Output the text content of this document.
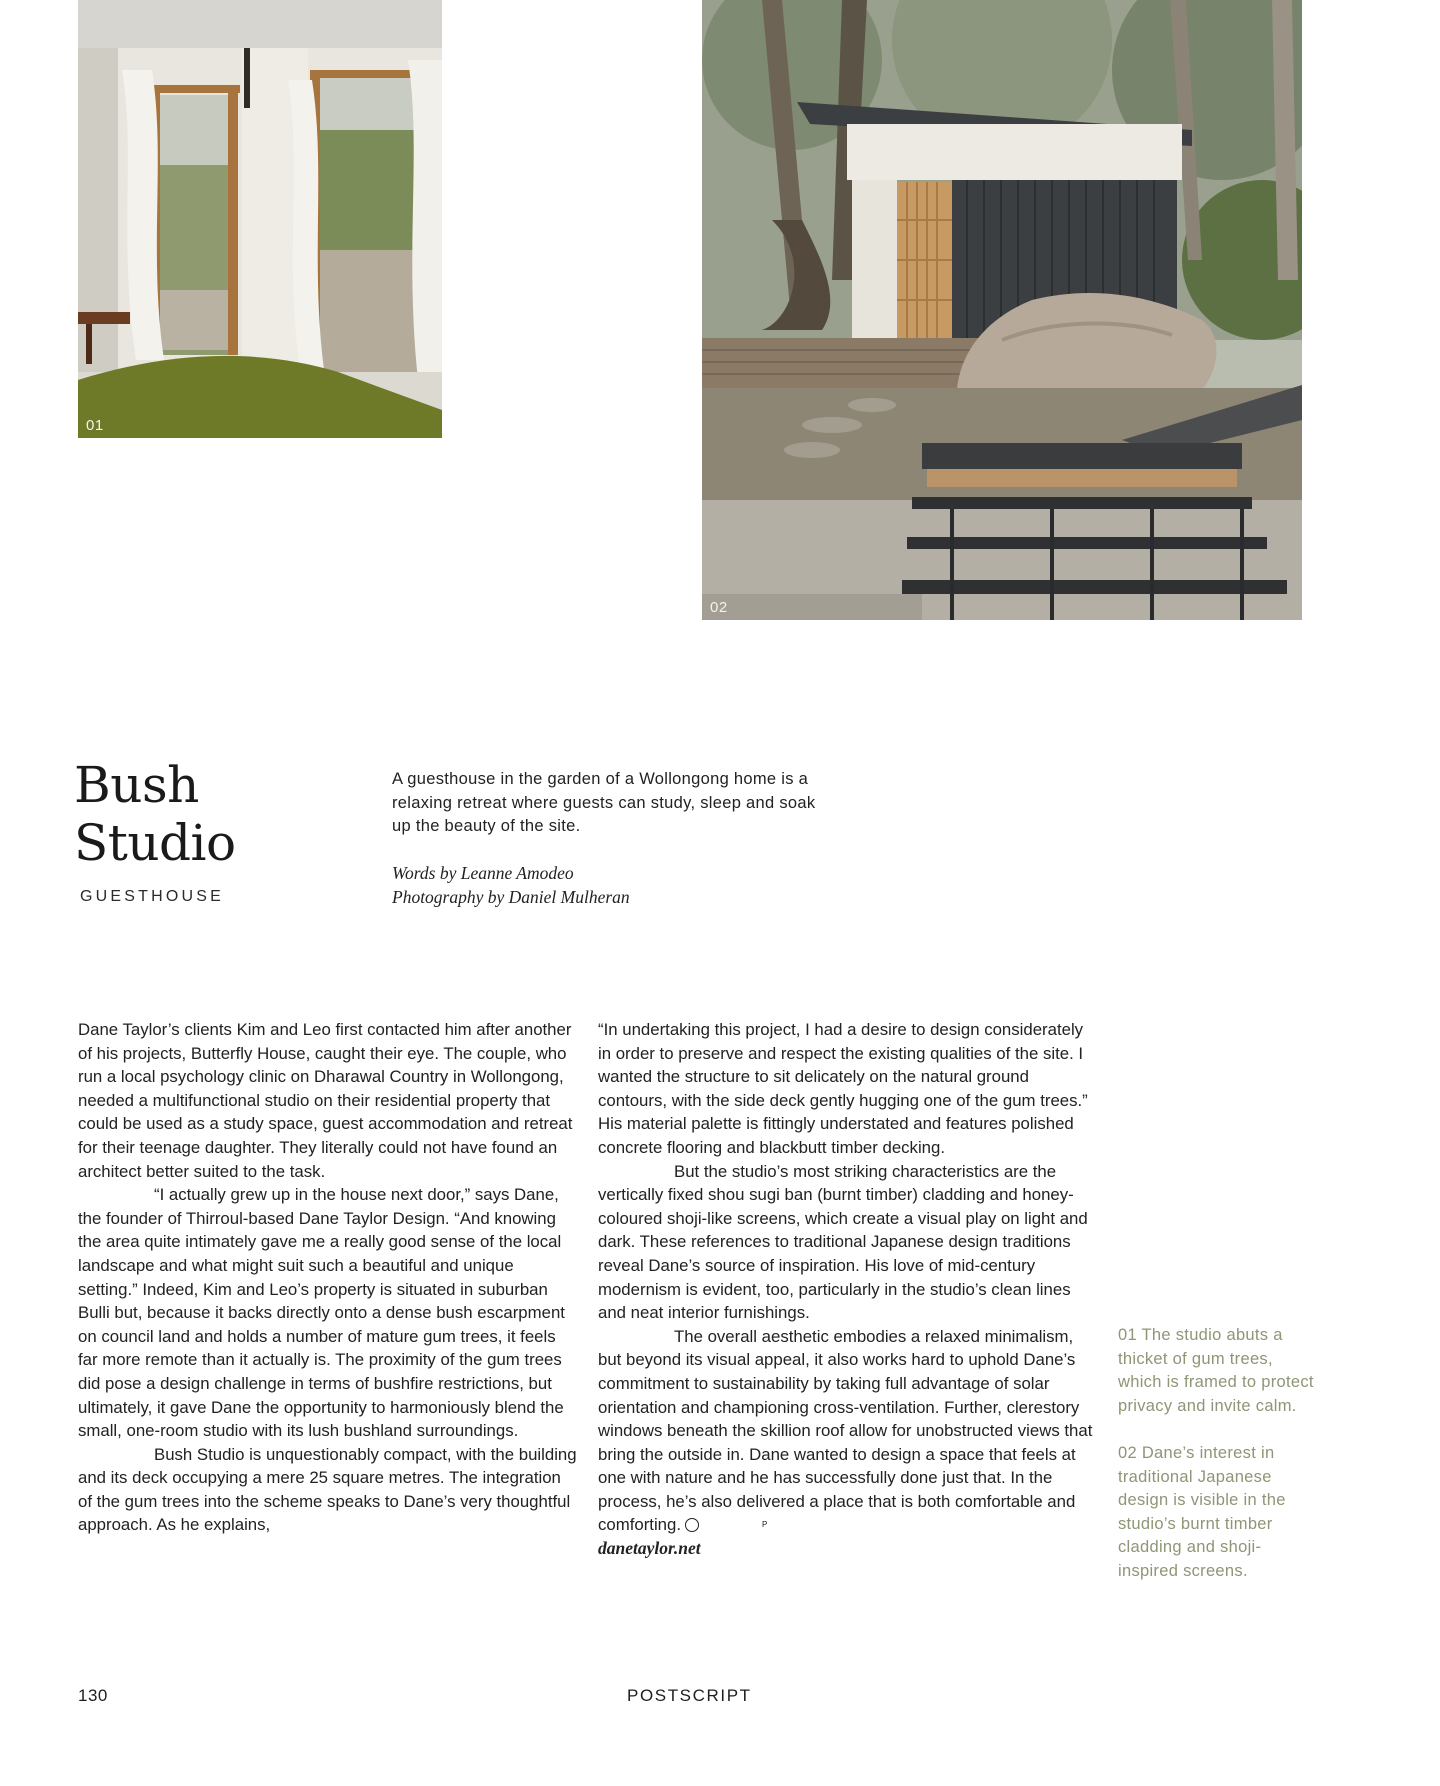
01
02
Bush
Studio
GUESTHOUSE
A guesthouse in the garden of a Wollongong home is a relaxing retreat where guests can study, sleep and soak up the beauty of the site.
Words by Leanne Amodeo
Photography by Daniel Mulheran

Dane Taylor’s clients Kim and Leo first contacted him after another of his projects, Butterfly House, caught their eye. The couple, who run a local psychology clinic on Dharawal Country in Wollongong, needed a multifunctional studio on their residential property that could be used as a study space, guest accommodation and retreat for their teenage daughter. They literally could not have found an architect better suited to the task.

“I actually grew up in the house next door,” says Dane, the founder of Thirroul-based Dane Taylor Design. “And knowing the area quite intimately gave me a really good sense of the local landscape and what might suit such a beautiful and unique setting.” Indeed, Kim and Leo’s property is situated in suburban Bulli but, because it backs directly onto a dense bush escarpment on council land and holds a number of mature gum trees, it feels far more remote than it actually is. The proximity of the gum trees did pose a design challenge in terms of bushfire restrictions, but ultimately, it gave Dane the opportunity to harmoniously blend the small, one-room studio with its lush bushland surroundings.

Bush Studio is unquestionably compact, with the building and its deck occupying a mere 25 square metres. The integration of the gum trees into the scheme speaks to Dane’s very thoughtful approach. As he explains,

“In undertaking this project, I had a desire to design considerately in order to preserve and respect the existing qualities of the site. I wanted the structure to sit delicately on the natural ground contours, with the side deck gently hugging one of the gum trees.” His material palette is fittingly understated and features polished concrete flooring and blackbutt timber decking.

But the studio’s most striking characteristics are the vertically fixed shou sugi ban (burnt timber) cladding and honey-coloured shoji-like screens, which create a visual play on light and dark. These references to traditional Japanese design traditions reveal Dane’s source of inspiration. His love of mid-century modernism is evident, too, particularly in the studio’s clean lines and neat interior furnishings.

The overall aesthetic embodies a relaxed minimalism, but beyond its visual appeal, it also works hard to uphold Dane’s commitment to sustainability by taking full advantage of solar orientation and championing cross-ventilation. Further, clerestory windows beneath the skillion roof allow for unobstructed views that bring the outside in. Dane wanted to design a space that feels at one with nature and he has successfully done just that. In the process, he’s also delivered a place that is both comfortable and comforting.	P

danetaylor.net

01 The studio abuts a thicket of gum trees, which is framed to protect privacy and invite calm.

02 Dane’s interest in traditional Japanese design is visible in the studio’s burnt timber cladding and shoji-inspired screens.

130	POSTSCRIPT
